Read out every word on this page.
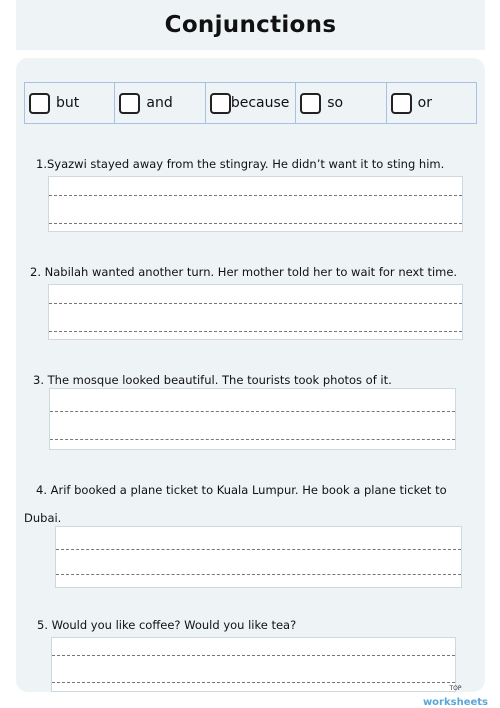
Conjunctions
but	and	because	so	or
1.Syazwi stayed away from the stingray. He didn’t want it to sting him.
2. Nabilah wanted another turn. Her mother told her to wait for next time.
3. The mosque looked beautiful. The tourists took photos of it.
4. Arif booked a plane ticket to Kuala Lumpur. He book a plane ticket to
Dubai.
5. Would you like coffee? Would you like tea?
TOP
worksheets
